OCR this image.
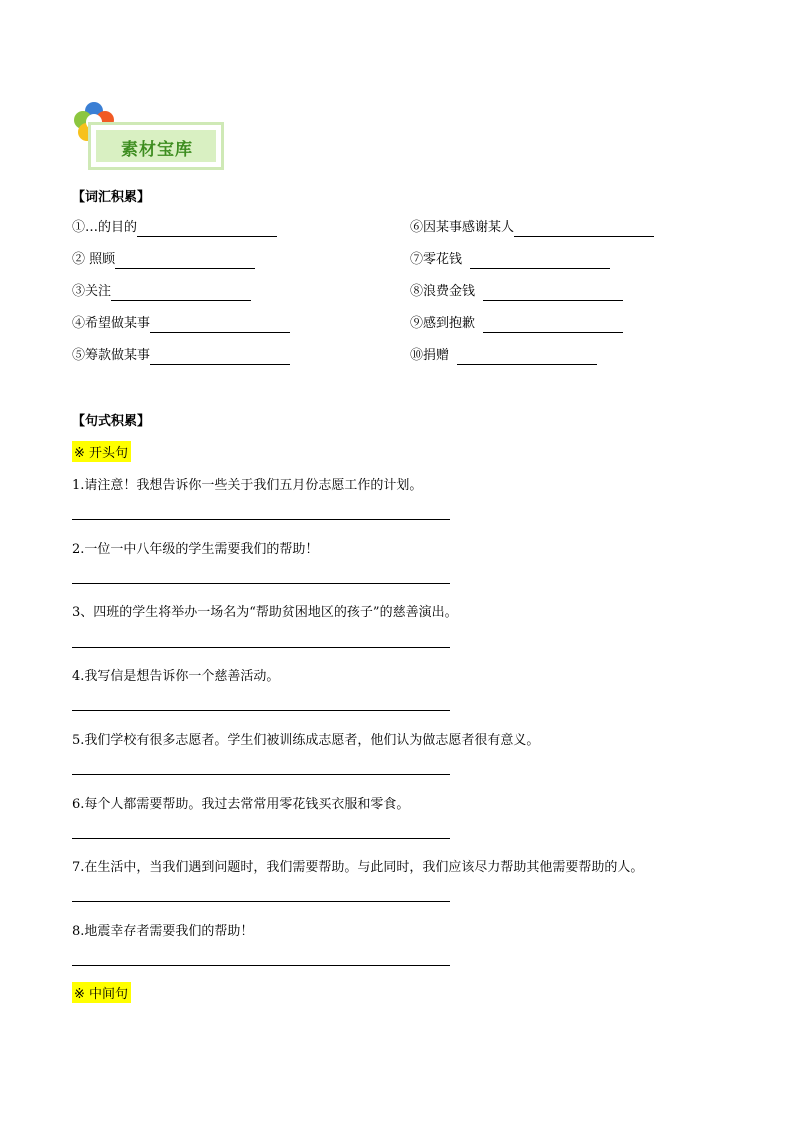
素材宝库
【词汇积累】
①…的目的
② 照顾
③关注
④希望做某事
⑤筹款做某事
⑥因某事感谢某人
⑦零花钱
⑧浪费金钱
⑨感到抱歉
⑩捐赠
【句式积累】
※ 开头句
1.请注意！我想告诉你一些关于我们五月份志愿工作的计划。
2.一位一中八年级的学生需要我们的帮助！
3、四班的学生将举办一场名为“帮助贫困地区的孩子”的慈善演出。
4.我写信是想告诉你一个慈善活动。
5.我们学校有很多志愿者。学生们被训练成志愿者，他们认为做志愿者很有意义。
6.每个人都需要帮助。我过去常常用零花钱买衣服和零食。
7.在生活中，当我们遇到问题时，我们需要帮助。与此同时，我们应该尽力帮助其他需要帮助的人。
8.地震幸存者需要我们的帮助！
※ 中间句
